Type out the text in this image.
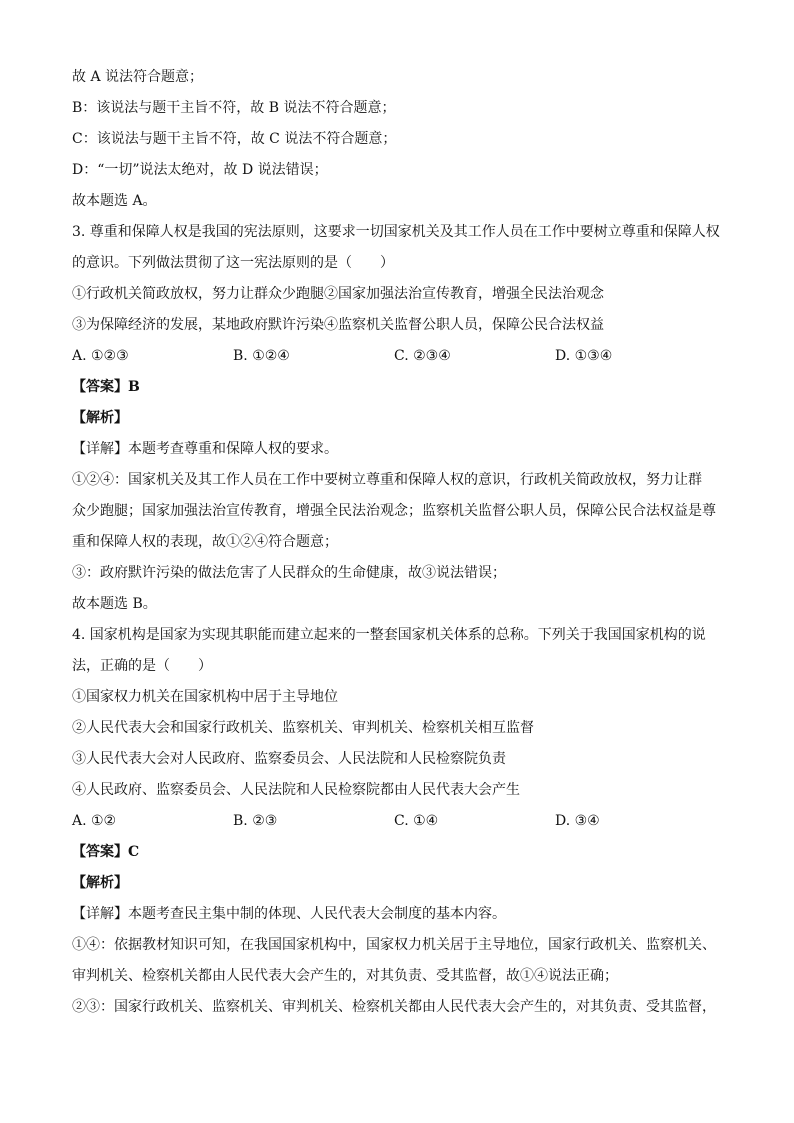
故 A 说法符合题意；
B：该说法与题干主旨不符，故 B 说法不符合题意；
C：该说法与题干主旨不符，故 C 说法不符合题意；
D：“一切”说法太绝对，故 D 说法错误；
故本题选 A。
3. 尊重和保障人权是我国的宪法原则，这要求一切国家机关及其工作人员在工作中要树立尊重和保障人权
的意识。下列做法贯彻了这一宪法原则的是（　　）
①行政机关简政放权，努力让群众少跑腿②国家加强法治宣传教育，增强全民法治观念
③为保障经济的发展，某地政府默许污染④监察机关监督公职人员，保障公民合法权益
A. ①②③	B. ①②④	C. ②③④	D. ①③④
【答案】B
【解析】
【详解】本题考查尊重和保障人权的要求。
①②④：国家机关及其工作人员在工作中要树立尊重和保障人权的意识，行政机关简政放权，努力让群
众少跑腿；国家加强法治宣传教育，增强全民法治观念；监察机关监督公职人员，保障公民合法权益是尊
重和保障人权的表现，故①②④符合题意；
③：政府默许污染的做法危害了人民群众的生命健康，故③说法错误；
故本题选 B。
4. 国家机构是国家为实现其职能而建立起来的一整套国家机关体系的总称。下列关于我国国家机构的说
法，正确的是（　　）
①国家权力机关在国家机构中居于主导地位
②人民代表大会和国家行政机关、监察机关、审判机关、检察机关相互监督
③人民代表大会对人民政府、监察委员会、人民法院和人民检察院负责
④人民政府、监察委员会、人民法院和人民检察院都由人民代表大会产生
A. ①②	B. ②③	C. ①④	D. ③④
【答案】C
【解析】
【详解】本题考查民主集中制的体现、人民代表大会制度的基本内容。
①④：依据教材知识可知，在我国国家机构中，国家权力机关居于主导地位，国家行政机关、监察机关、
审判机关、检察机关都由人民代表大会产生的，对其负责、受其监督，故①④说法正确；
②③：国家行政机关、监察机关、审判机关、检察机关都由人民代表大会产生的，对其负责、受其监督，
